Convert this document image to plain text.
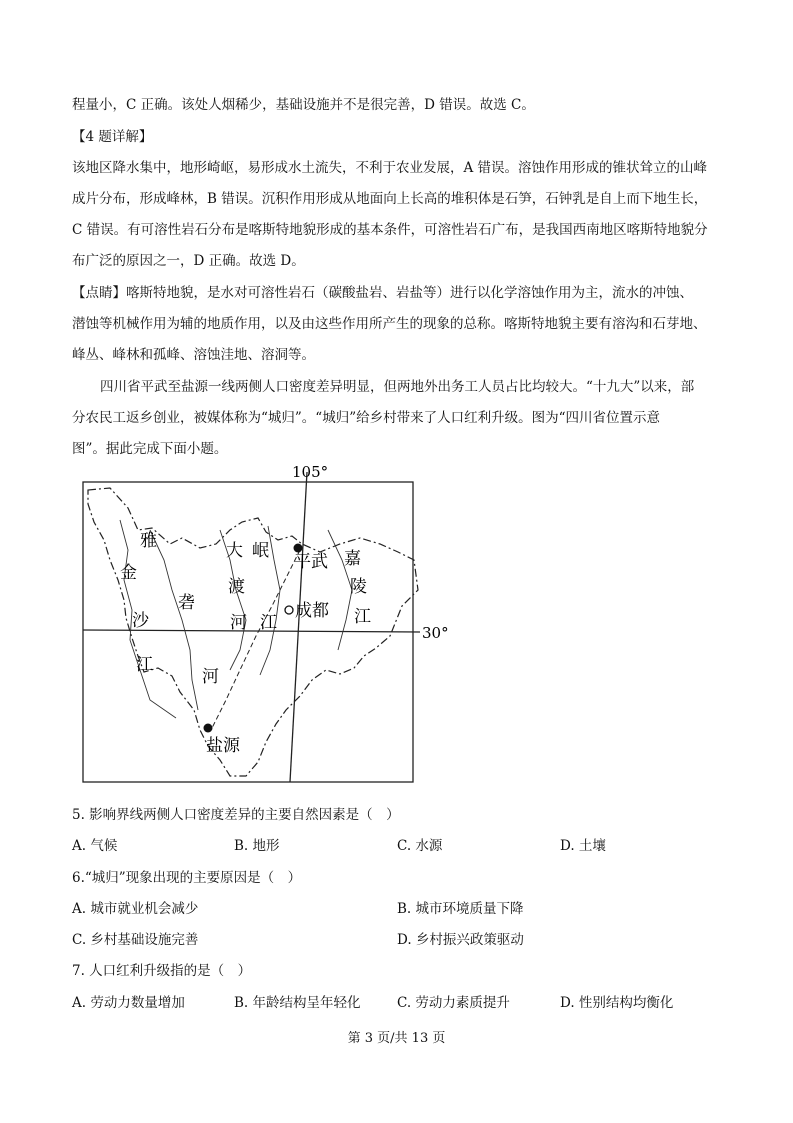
程量小，C 正确。该处人烟稀少，基础设施并不是很完善，D 错误。故选 C。
【4 题详解】
该地区降水集中，地形崎岖，易形成水土流失，不利于农业发展，A 错误。溶蚀作用形成的锥状耸立的山峰
成片分布，形成峰林，B 错误。沉积作用形成从地面向上长高的堆积体是石笋，石钟乳是自上而下地生长，
C 错误。有可溶性岩石分布是喀斯特地貌形成的基本条件，可溶性岩石广布，是我国西南地区喀斯特地貌分
布广泛的原因之一，D 正确。故选 D。
【点睛】喀斯特地貌，是水对可溶性岩石（碳酸盐岩、岩盐等）进行以化学溶蚀作用为主，流水的冲蚀、
潜蚀等机械作用为辅的地质作用，以及由这些作用所产生的现象的总称。喀斯特地貌主要有溶沟和石芽地、
峰丛、峰林和孤峰、溶蚀洼地、溶洞等。
四川省平武至盐源一线两侧人口密度差异明显，但两地外出务工人员占比均较大。“十九大”以来，部
分农民工返乡创业，被媒体称为“城归”。“城归”给乡村带来了人口红利升级。图为“四川省位置示意
图”。据此完成下面小题。
105°
30°
平武
成都
盐源
金
沙
江
雅
砻
河
大
渡
河
岷
江
嘉
陵
江
5. 影响界线两侧人口密度差异的主要自然因素是（　）
A. 气候	B. 地形	C. 水源	D. 土壤
6.“城归”现象出现的主要原因是（　）
A. 城市就业机会减少	B. 城市环境质量下降
C. 乡村基础设施完善	D. 乡村振兴政策驱动
7. 人口红利升级指的是（　）
A. 劳动力数量增加	B. 年龄结构呈年轻化	C. 劳动力素质提升	D. 性别结构均衡化
第 3 页/共 13 页
